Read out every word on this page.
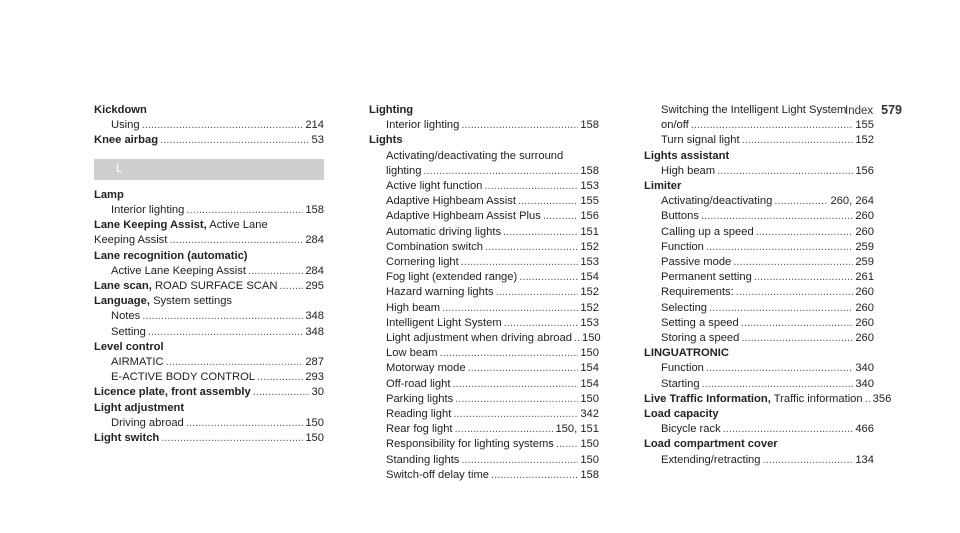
Index 579
Kickdown
Using .....	214
Knee airbag .....	53
L
Lamp
Interior lighting .....	158
Lane Keeping Assist, Active Lane
Keeping Assist .....	284
Lane recognition (automatic)
Active Lane Keeping Assist .....	284
Lane scan, ROAD SURFACE SCAN ..... 295
Language, System settings
Notes .....	348
Setting .....	348
Level control
AIRMATIC .....	287
E-ACTIVE BODY CONTROL .....	293
Licence plate, front assembly .....	30
Light adjustment
Driving abroad .....	150
Light switch .....	150
Lighting
Interior lighting .....	158
Lights
Activating/deactivating the surround
lighting .....	158
Active light function .....	153
Adaptive Highbeam Assist .....	155
Adaptive Highbeam Assist Plus .....	156
Automatic driving lights .....	151
Combination switch .....	152
Cornering light .....	153
Fog light (extended range) .....	154
Hazard warning lights .....	152
High beam .....	152
Intelligent Light System .....	153
Light adjustment when driving abroad ..... 150
Low beam .....	150
Motorway mode .....	154
Off-road light .....	154
Parking lights .....	150
Reading light .....	342
Rear fog light .....	150, 151
Responsibility for lighting systems ..... 150
Standing lights .....	150
Switch-off delay time .....	158
Switching the Intelligent Light System
on/off .....	155
Turn signal light .....	152
Lights assistant
High beam .....	156
Limiter
Activating/deactivating .....	260, 264
Buttons .....	260
Calling up a speed .....	260
Function .....	259
Passive mode .....	259
Permanent setting .....	261
Requirements: .....	260
Selecting .....	260
Setting a speed .....	260
Storing a speed .....	260
LINGUATRONIC
Function .....	340
Starting .....	340
Live Traffic Information, Traffic information ..... 356
Load capacity
Bicycle rack .....	466
Load compartment cover
Extending/retracting .....	134
